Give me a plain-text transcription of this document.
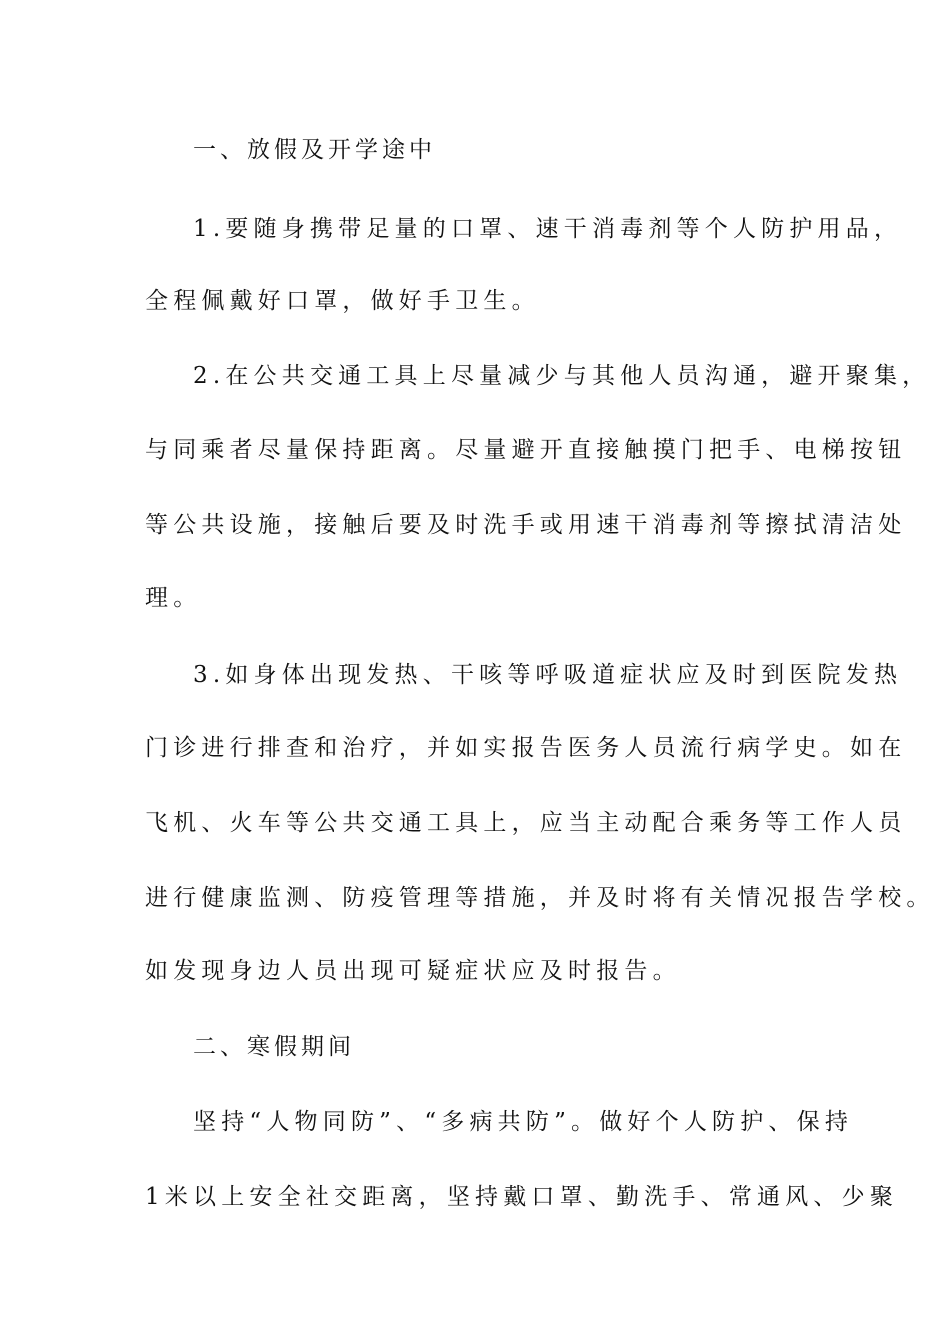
一、放假及开学途中
1.要随身携带足量的口罩、速干消毒剂等个人防护用品，
全程佩戴好口罩，做好手卫生。
2.在公共交通工具上尽量减少与其他人员沟通，避开聚集，
与同乘者尽量保持距离。尽量避开直接触摸门把手、电梯按钮
等公共设施，接触后要及时洗手或用速干消毒剂等擦拭清洁处
理。
3.如身体出现发热、干咳等呼吸道症状应及时到医院发热
门诊进行排查和治疗，并如实报告医务人员流行病学史。如在
飞机、火车等公共交通工具上，应当主动配合乘务等工作人员
进行健康监测、防疫管理等措施，并及时将有关情况报告学校。
如发现身边人员出现可疑症状应及时报告。
二、寒假期间
坚持“人物同防”、“多病共防”。做好个人防护、保持
1米以上安全社交距离，坚持戴口罩、勤洗手、常通风、少聚
